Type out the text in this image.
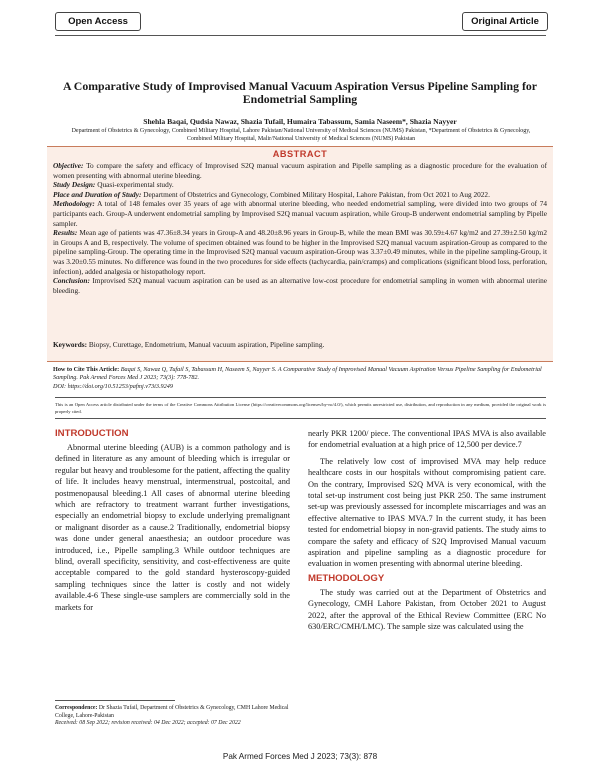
Open Access	Original Article
A Comparative Study of Improvised Manual Vacuum Aspiration Versus Pipeline Sampling for Endometrial Sampling
Shehla Baqai, Qudsia Nawaz, Shazia Tufail, Humaira Tabassum, Samia Naseem*, Shazia Nayyer
Department of Obstetrics & Gynecology, Combined Military Hospital, Lahore Pakistan/National University of Medical Sciences (NUMS) Pakistan, *Department of Obstetrics & Gynecology, Combined Military Hospital, Malir/National University of Medical Sciences (NUMS) Pakistan
ABSTRACT

Objective: To compare the safety and efficacy of Improvised S2Q manual vacuum aspiration and Pipelle sampling as a diagnostic procedure for the evaluation of women presenting with abnormal uterine bleeding.

Study Design: Quasi-experimental study.

Place and Duration of Study: Department of Obstetrics and Gynecology, Combined Military Hospital, Lahore Pakistan, from Oct 2021 to Aug 2022.

Methodology: A total of 148 females over 35 years of age with abnormal uterine bleeding, who needed endometrial sampling, were divided into two groups of 74 participants each. Group-A underwent endometrial sampling by Improvised S2Q manual vacuum aspiration, while Group-B underwent endometrial sampling by Pipelle sampler.

Results: Mean age of patients was 47.36±8.34 years in Group-A and 48.20±8.96 years in Group-B, while the mean BMI was 30.59±4.67 kg/m2 and 27.39±2.50 kg/m2 in Groups A and B, respectively. The volume of specimen obtained was found to be higher in the Improvised S2Q manual vacuum aspiration-Group as compared to the pipeline sampling-Group. The operating time in the Improvised S2Q manual vacuum aspiration-Group was 3.37±0.49 minutes, while in the pipeline sampling-Group, it was 3.20±0.55 minutes. No difference was found in the two procedures for side effects (tachycardia, pain/cramps) and complications (significant blood loss, perforation, infection), added analgesia or histopathology report.

Conclusion: Improvised S2Q manual vacuum aspiration can be used as an alternative low-cost procedure for endometrial sampling in women with abnormal uterine bleeding.

Keywords: Biopsy, Curettage, Endometrium, Manual vacuum aspiration, Pipeline sampling.
How to Cite This Article: Baqai S, Nawaz Q, Tufail S, Tabassum H, Naseem S, Nayyer S. A Comparative Study of Improvised Manual Vacuum Aspiration Versus Pipeline Sampling for Endometrial Sampling. Pak Armed Forces Med J 2023; 73(3): 778-782.
DOI: https://doi.org/10.51253/pafmj.v73i3.9249
This is an Open Access article distributed under the terms of the Creative Commons Attribution License (https://creativecommons.org/licenses/by-nc/4.0/), which permits unrestricted use, distribution, and reproduction in any medium, provided the original work is properly cited.
INTRODUCTION

Abnormal uterine bleeding (AUB) is a common pathology and is defined in literature as any amount of bleeding which is irregular or regular but heavy and troublesome for the patient, affecting the quality of life. It includes heavy menstrual, intermenstrual, postcoital, and postmenopausal bleeding.1 All cases of abnormal uterine bleeding which are refractory to treatment warrant further investigations, especially an endometrial biopsy to exclude underlying premalignant or malignant disorder as a cause.2 Traditionally, endometrial biopsy was done under general anaesthesia; an outdoor procedure was introduced, i.e., Pipelle sampling.3 While outdoor techniques are blind, overall specificity, sensitivity, and cost-effectiveness are quite acceptable compared to the gold standard hysteroscopy-guided sampling techniques since the latter is costly and not widely available.4-6 These single-use samplers are commercially sold in the markets for

nearly PKR 1200/ piece. The conventional IPAS MVA is also available for endometrial evaluation at a high price of 12,500 per device.7

The relatively low cost of improvised MVA may help reduce healthcare costs in our hospitals without compromising patient care. On the contrary, Improvised S2Q MVA is very economical, with the total set-up instrument cost being just PKR 250. The same instrument set-up was previously assessed for incomplete miscarriages and was an effective alternative to IPAS MVA.7 In the current study, it has been tested for endometrial biopsy in non-gravid patients. The study aims to compare the safety and efficacy of S2Q Improvised Manual vacuum aspiration and pipeline sampling as a diagnostic procedure for evaluation in women presenting with abnormal uterine bleeding.

METHODOLOGY

The study was carried out at the Department of Obstetrics and Gynecology, CMH Lahore Pakistan, from October 2021 to August 2022, after the approval of the Ethical Review Committee (ERC No 630/ERC/CMH/LMC). The sample size was calculated using the

Correspondence: Dr Shazia Tufail, Department of Obstetrics & Gynecology, CMH Lahore Medical College, Lahore-Pakistan
Received: 08 Sep 2022; revision received: 04 Dec 2022; accepted: 07 Dec 2022
Pak Armed Forces Med J 2023; 73(3): 878
